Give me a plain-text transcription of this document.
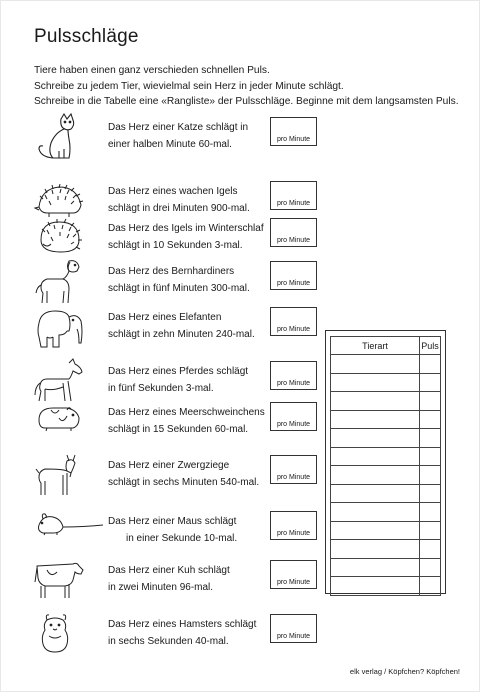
Pulsschläge

Tiere haben einen ganz verschieden schnellen Puls.

Schreibe zu jedem Tier, wievielmal sein Herz in jeder Minute schlägt.

Schreibe in die Tabelle eine «Rangliste» der Pulsschläge. Beginne mit dem langsamsten Puls.

Das Herz einer Katze schlägt in
einer halben Minute 60-mal.	pro Minute
Das Herz eines wachen Igels
schlägt in drei Minuten 900-mal.	pro Minute
Das Herz des Igels im Winterschlaf
schlägt in 10 Sekunden 3-mal.	pro Minute
Das Herz des Bernhardiners
schlägt in fünf Minuten 300-mal.	pro Minute
Das Herz eines Elefanten
schlägt in zehn Minuten 240-mal.	pro Minute
Das Herz eines Pferdes schlägt
in fünf Sekunden 3-mal.	pro Minute
Das Herz eines Meerschweinchens
schlägt in 15 Sekunden 60-mal.	pro Minute
Das Herz einer Zwergziege
schlägt in sechs Minuten 540-mal.	pro Minute
Das Herz einer Maus schlägt
in einer Sekunde 10-mal.	pro Minute
Das Herz einer Kuh schlägt
in zwei Minuten 96-mal.	pro Minute
Das Herz eines Hamsters schlägt
in sechs Sekunden 40-mal.	pro Minute
Tierart	Puls

elk verlag / Köpfchen? Köpfchen!
